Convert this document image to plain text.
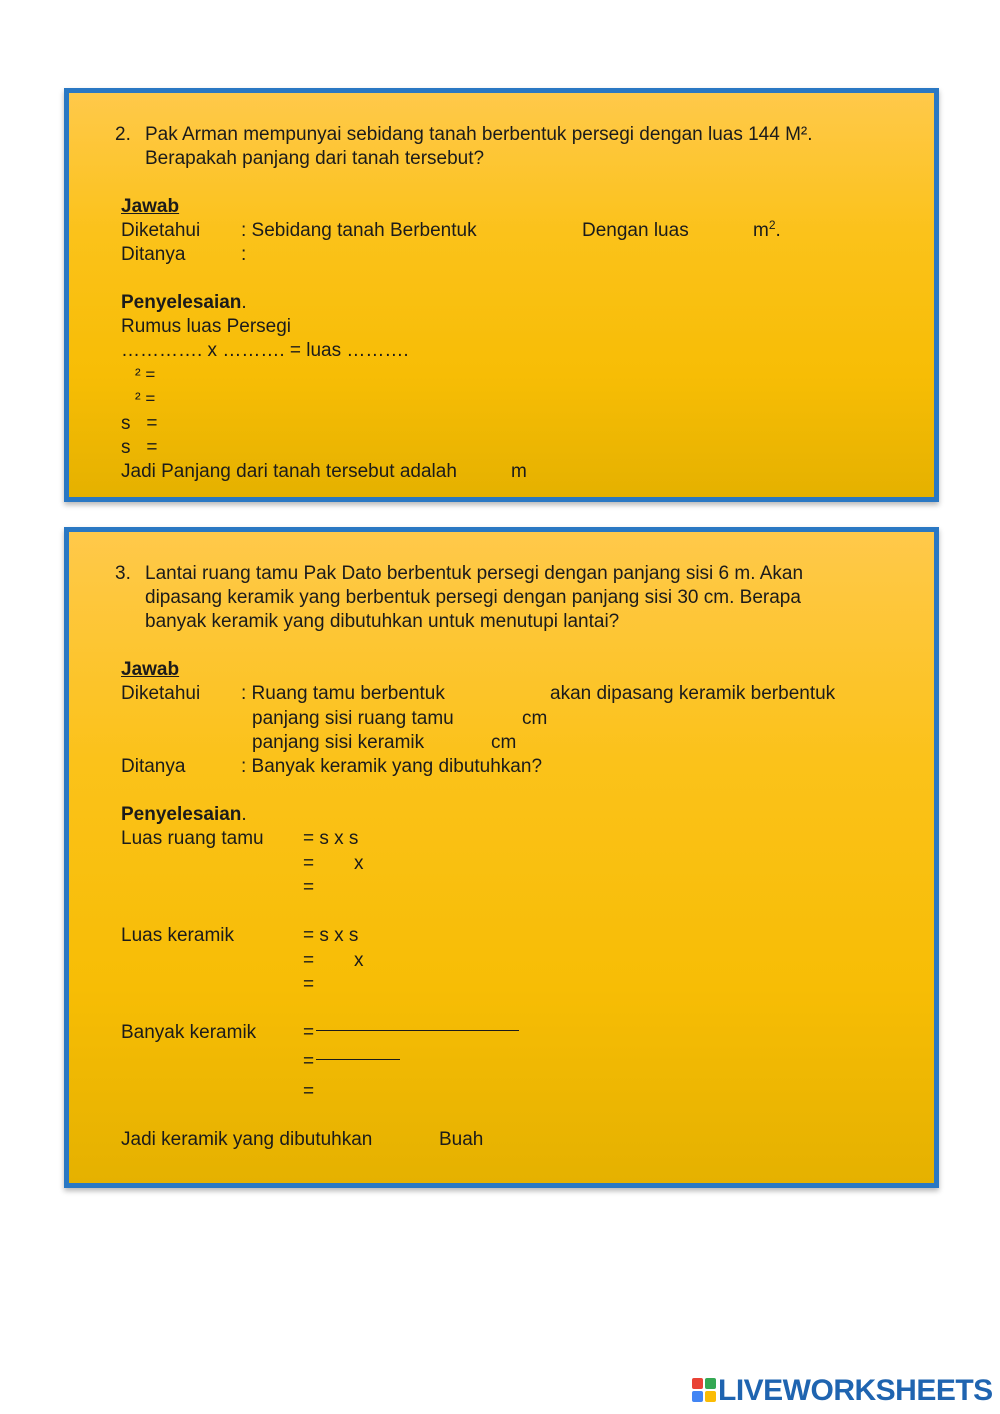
2. Pak Arman mempunyai sebidang tanah berbentuk persegi dengan luas 144 M².
Berapakah panjang dari tanah tersebut?
Jawab
Diketahui : Sebidang tanah Berbentuk	Dengan luas	$m^2$.
Ditanya	:
Penyelesaian.
Rumus luas Persegi
…………. x ………. = luas ……….
² =
² =
s   =
s   =
Jadi Panjang dari tanah tersebut adalah	m
3. Lantai ruang tamu Pak Dato berbentuk persegi dengan panjang sisi 6 m. Akan
dipasang keramik yang berbentuk persegi dengan panjang sisi 30 cm. Berapa
banyak keramik yang dibutuhkan untuk menutupi lantai?
Jawab
Diketahui : Ruang tamu berbentuk	akan dipasang keramik berbentuk
panjang sisi ruang tamu	cm
panjang sisi keramik	cm
Ditanya	: Banyak keramik yang dibutuhkan?
Penyelesaian.
Luas ruang tamu = s x s
= x
=
Luas keramik	= s x s
= x
=
Banyak keramik =
=
=
Jadi keramik yang dibutuhkan	Buah
LIVEWORKSHEETS
